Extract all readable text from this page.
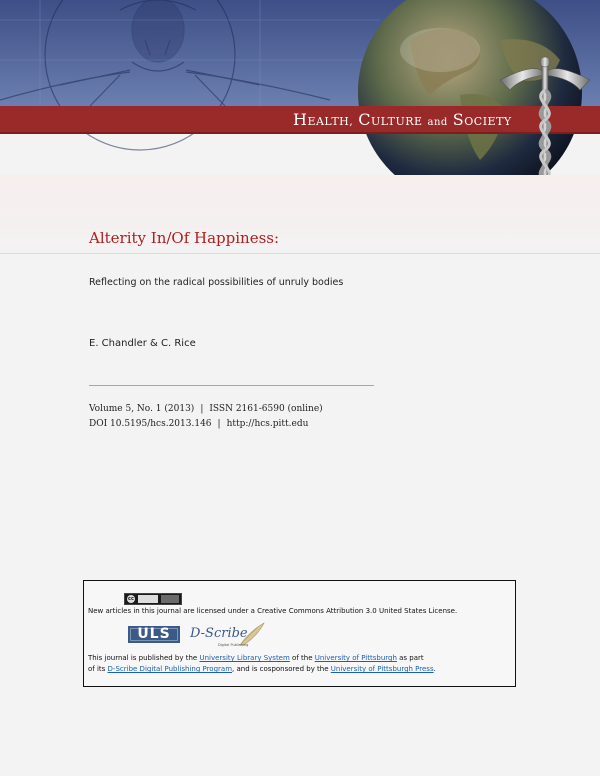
HEALTH, CULTURE and SOCIETY
Alterity In/Of Happiness:
Reflecting on the radical possibilities of unruly bodies
E. Chandler & C. Rice
Volume 5, No. 1 (2013) | ISSN 2161-6590 (online)
DOI 10.5195/hcs.2013.146 | http://hcs.pitt.edu
cc
New articles in this journal are licensed under a Creative Commons Attribution 3.0 United States License.
ULS	D-Scribe
Digital Publishing
This journal is published by the University Library System of the University of Pittsburgh as part
of its D-Scribe Digital Publishing Program, and is cosponsored by the University of Pittsburgh Press.
